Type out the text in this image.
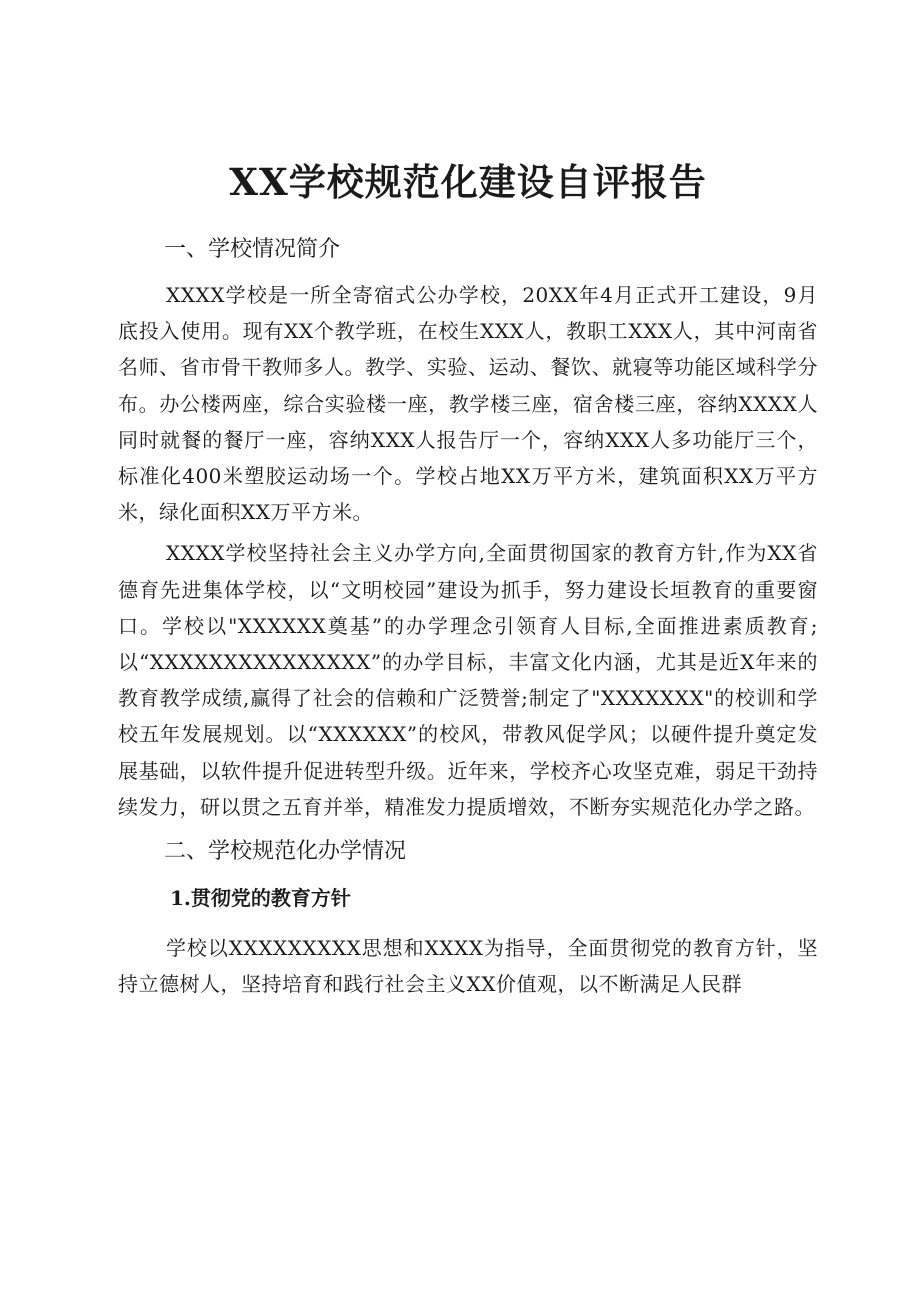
XX学校规范化建设自评报告
一、学校情况简介

XXXX学校是一所全寄宿式公办学校，20XX年4月正式开工建设，9月底投入使用。现有XX个教学班，在校生XXX人，教职工XXX人，其中河南省名师、省市骨干教师多人。教学、实验、运动、餐饮、就寝等功能区域科学分布。办公楼两座，综合实验楼一座，教学楼三座，宿舍楼三座，容纳XXXX人同时就餐的餐厅一座，容纳XXX人报告厅一个，容纳XXX人多功能厅三个，标准化400米塑胶运动场一个。学校占地XX万平方米，建筑面积XX万平方米，绿化面积XX万平方米。

XXXX学校坚持社会主义办学方向,全面贯彻国家的教育方针,作为XX省德育先进集体学校，以“文明校园”建设为抓手，努力建设长垣教育的重要窗口。学校以"XXXXXX奠基”的办学理念引领育人目标,全面推进素质教育;以“XXXXXXXXXXXXXXX”的办学目标，丰富文化内涵，尤其是近X年来的教育教学成绩,赢得了社会的信赖和广泛赞誉;制定了"XXXXXXX"的校训和学校五年发展规划。以“XXXXXX”的校风，带教风促学风；以硬件提升奠定发展基础，以软件提升促进转型升级。近年来，学校齐心攻坚克难，弱足干劲持续发力，研以贯之五育并举，精准发力提质增效，不断夯实规范化办学之路。

二、学校规范化办学情况
1.贯彻党的教育方针

学校以XXXXXXXXX思想和XXXX为指导，全面贯彻党的教育方针，坚持立德树人，坚持培育和践行社会主义XX价值观，以不断满足人民群
